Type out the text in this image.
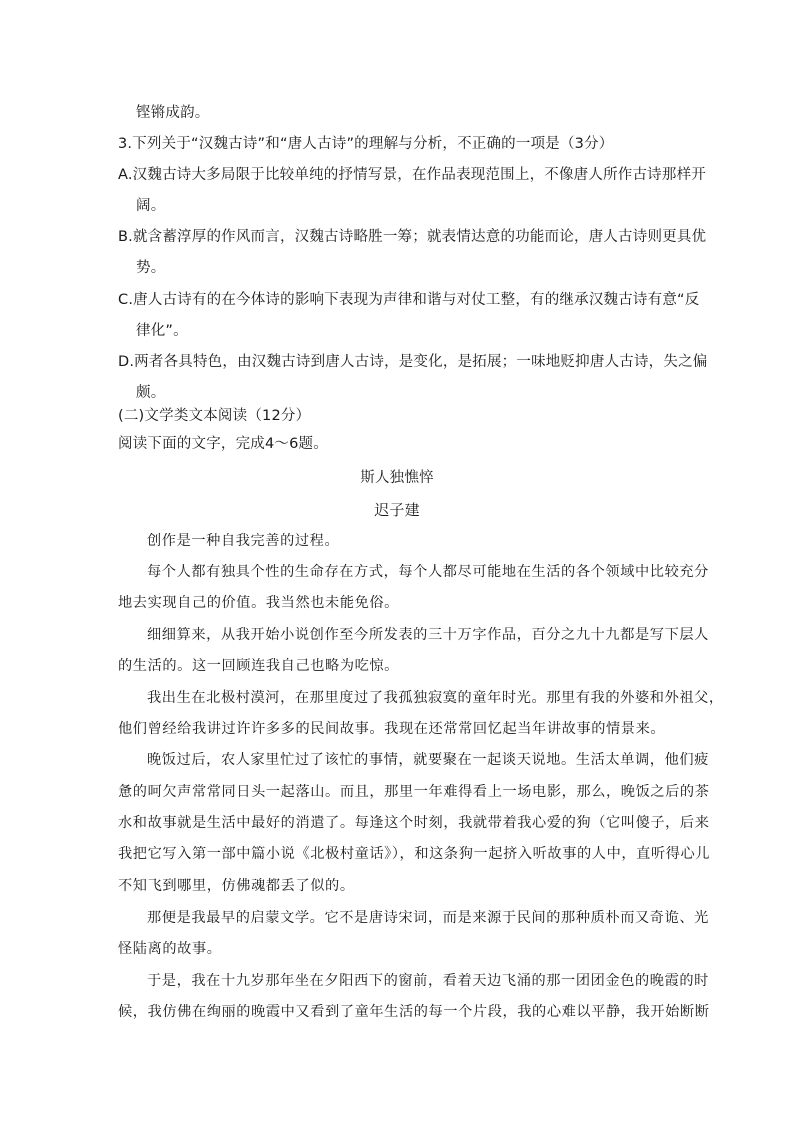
铿锵成韵。
3.下列关于“汉魏古诗”和“唐人古诗”的理解与分析，不正确的一项是（3分）
A.汉魏古诗大多局限于比较单纯的抒情写景，在作品表现范围上，不像唐人所作古诗那样开
阔。
B.就含蓄淳厚的作风而言，汉魏古诗略胜一筹；就表情达意的功能而论，唐人古诗则更具优
势。
C.唐人古诗有的在今体诗的影响下表现为声律和谐与对仗工整，有的继承汉魏古诗有意“反
律化”。
D.两者各具特色，由汉魏古诗到唐人古诗，是变化，是拓展；一味地贬抑唐人古诗，失之偏
颇。
(二)文学类文本阅读（12分）
阅读下面的文字，完成4～6题。
斯人独憔悴
迟子建
创作是一种自我完善的过程。
每个人都有独具个性的生命存在方式，每个人都尽可能地在生活的各个领域中比较充分
地去实现自己的价值。我当然也未能免俗。
细细算来，从我开始小说创作至今所发表的三十万字作品，百分之九十九都是写下层人
的生活的。这一回顾连我自己也略为吃惊。
我出生在北极村漠河，在那里度过了我孤独寂寞的童年时光。那里有我的外婆和外祖父，
他们曾经给我讲过许许多多的民间故事。我现在还常常回忆起当年讲故事的情景来。
晚饭过后，农人家里忙过了该忙的事情，就要聚在一起谈天说地。生活太单调，他们疲
惫的呵欠声常常同日头一起落山。而且，那里一年难得看上一场电影，那么，晚饭之后的茶
水和故事就是生活中最好的消遣了。每逢这个时刻，我就带着我心爱的狗（它叫傻子，后来
我把它写入第一部中篇小说《北极村童话》），和这条狗一起挤入听故事的人中，直听得心儿
不知飞到哪里，仿佛魂都丢了似的。
那便是我最早的启蒙文学。它不是唐诗宋词，而是来源于民间的那种质朴而又奇诡、光
怪陆离的故事。
于是，我在十九岁那年坐在夕阳西下的窗前，看着天边飞涌的那一团团金色的晚霞的时
候，我仿佛在绚丽的晚霞中又看到了童年生活的每一个片段，我的心难以平静，我开始断断
